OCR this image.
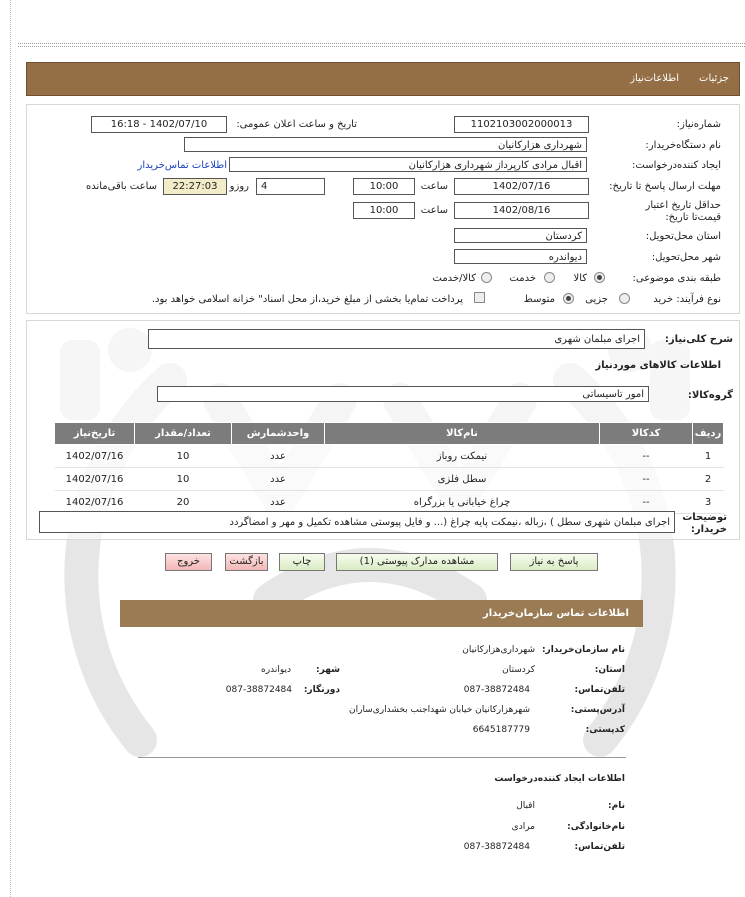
جزئیات
اطلاعات‌نیاز
شماره‌نیاز:
1102103002000013
تاریخ و ساعت اعلان عمومی:
1402/07/10 - 16:18
نام دستگاه‌خریدار:
شهرداری هزارکانیان
ایجاد کننده‌درخواست:
اقبال مرادی کارپرداز شهرداری هزارکانیان
اطلاعات تماس‌خریدار
مهلت ارسال پاسخ تا تاریخ:
1402/07/16
ساعت
10:00
4
روزو
22:27:03
ساعت باقی‌مانده
حداقل تاریخ اعتبار قیمت‌تا تاریخ:
1402/08/16
ساعت
10:00
استان محل‌تحویل:
کردستان
شهر محل‌تحویل:
دیواندره
طبقه بندی موضوعی:
کالا
خدمت
کالا/خدمت
نوع فرآیند:
خرید
جزیی
متوسط
پرداخت تمام‌یا بخشی از مبلغ خرید،از محل اسناد" خزانه اسلامی خواهد بود.
شرح کلی‌نیاز:
اجرای مبلمان شهری
اطلاعات کالاهای موردنیاز
گروه‌کالا:
امور تاسیساتی
ردیف	کدکالا	نام‌کالا	واحدشمارش	تعداد/مقدار	تاریخ‌نیاز
1	--	نیمکت روباز	عدد	10	1402/07/16
2	--	سطل فلزی	عدد	10	1402/07/16
3	--	چراغ خیابانی یا بزرگراه	عدد	20	1402/07/16
توضیحات خریدار:
اجرای مبلمان شهری سطل ) ،زباله ،نیمکت پایه چراغ (... و فایل پیوستی مشاهده تکمیل و مهر و امضاگردد
پاسخ به نیاز
مشاهده مدارک پیوستی (1)
چاپ
بازگشت
خروج
اطلاعات تماس سازمان‌خریدار
نام سازمان‌خریدار:
شهرداری‌هزارکانیان
استان:
کردستان
شهر:
دیواندره
تلفن‌تماس:
087-38872484
دورنگار:
087-38872484
آدرس‌پستی:
شهرهزارکانیان خیابان شهداجنب بخشداری‌ساران
کدپستی:
6645187779
اطلاعات ایجاد کننده‌درخواست
نام:
اقبال
نام‌خانوادگی:
مرادی
تلفن‌تماس:
087-38872484
